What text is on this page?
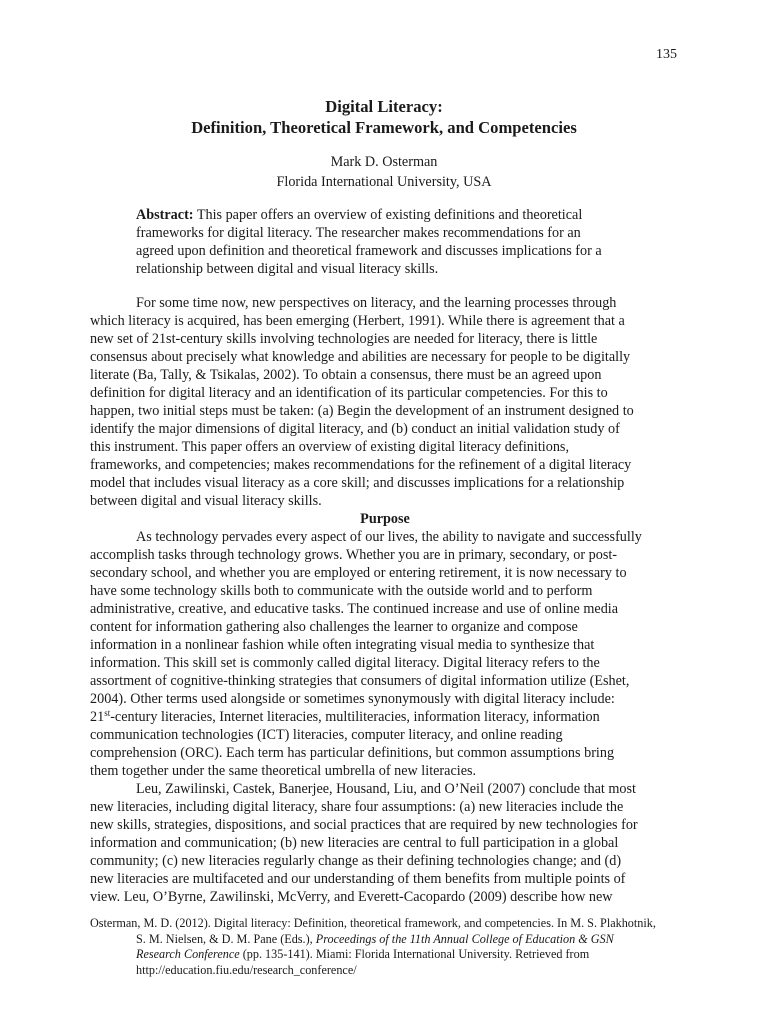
135
Digital Literacy:
Definition, Theoretical Framework, and Competencies
Mark D. Osterman
Florida International University, USA
Abstract: This paper offers an overview of existing definitions and theoretical
frameworks for digital literacy. The researcher makes recommendations for an
agreed upon definition and theoretical framework and discusses implications for a
relationship between digital and visual literacy skills.
For some time now, new perspectives on literacy, and the learning processes through
which literacy is acquired, has been emerging (Herbert, 1991). While there is agreement that a
new set of 21st-century skills involving technologies are needed for literacy, there is little
consensus about precisely what knowledge and abilities are necessary for people to be digitally
literate (Ba, Tally, & Tsikalas, 2002). To obtain a consensus, there must be an agreed upon
definition for digital literacy and an identification of its particular competencies. For this to
happen, two initial steps must be taken: (a) Begin the development of an instrument designed to
identify the major dimensions of digital literacy, and (b) conduct an initial validation study of
this instrument. This paper offers an overview of existing digital literacy definitions,
frameworks, and competencies; makes recommendations for the refinement of a digital literacy
model that includes visual literacy as a core skill; and discusses implications for a relationship
between digital and visual literacy skills.
Purpose
As technology pervades every aspect of our lives, the ability to navigate and successfully
accomplish tasks through technology grows. Whether you are in primary, secondary, or post-
secondary school, and whether you are employed or entering retirement, it is now necessary to
have some technology skills both to communicate with the outside world and to perform
administrative, creative, and educative tasks. The continued increase and use of online media
content for information gathering also challenges the learner to organize and compose
information in a nonlinear fashion while often integrating visual media to synthesize that
information. This skill set is commonly called digital literacy. Digital literacy refers to the
assortment of cognitive-thinking strategies that consumers of digital information utilize (Eshet,
2004). Other terms used alongside or sometimes synonymously with digital literacy include:
21st-century literacies, Internet literacies, multiliteracies, information literacy, information
communication technologies (ICT) literacies, computer literacy, and online reading
comprehension (ORC). Each term has particular definitions, but common assumptions bring
them together under the same theoretical umbrella of new literacies.
Leu, Zawilinski, Castek, Banerjee, Housand, Liu, and O’Neil (2007) conclude that most
new literacies, including digital literacy, share four assumptions: (a) new literacies include the
new skills, strategies, dispositions, and social practices that are required by new technologies for
information and communication; (b) new literacies are central to full participation in a global
community; (c) new literacies regularly change as their defining technologies change; and (d)
new literacies are multifaceted and our understanding of them benefits from multiple points of
view. Leu, O’Byrne, Zawilinski, McVerry, and Everett-Cacopardo (2009) describe how new
Osterman, M. D. (2012). Digital literacy: Definition, theoretical framework, and competencies. In M. S. Plakhotnik,
S. M. Nielsen, & D. M. Pane (Eds.), Proceedings of the 11th Annual College of Education & GSN
Research Conference (pp. 135-141). Miami: Florida International University. Retrieved from
http://education.fiu.edu/research_conference/
